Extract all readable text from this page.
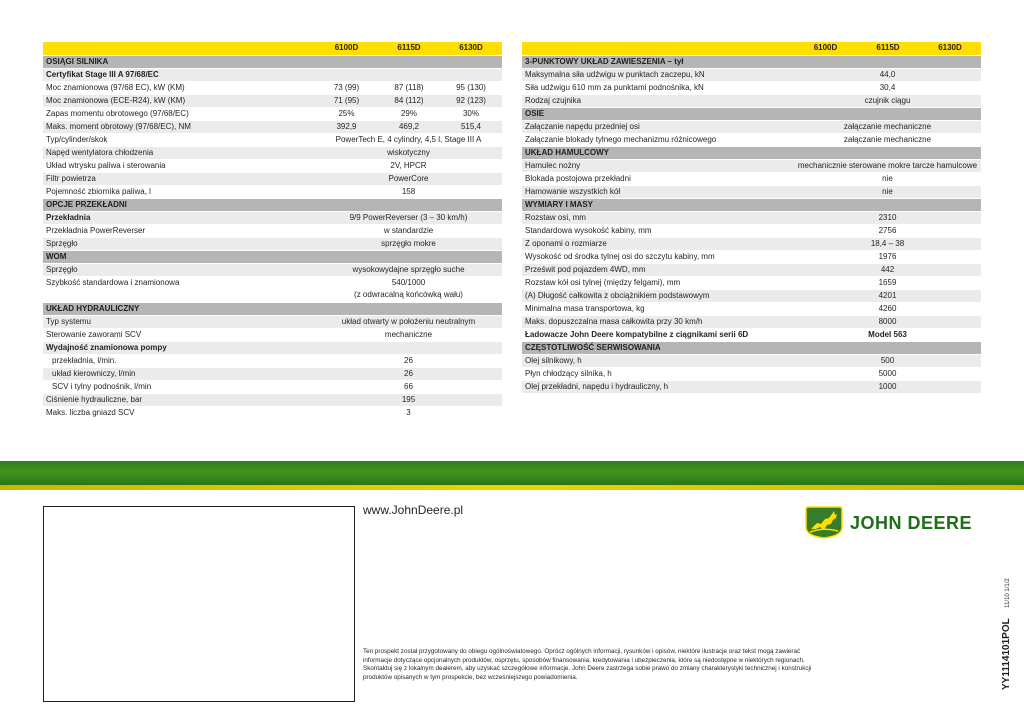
	6100D	6115D	6130D
OSIĄGI SILNIKA			
Certyfikat Stage III A 97/68/EC			
Moc znamionowa (97/68 EC), kW (KM)	73 (99)	87 (118)	95 (130)
Moc znamionowa (ECE-R24), kW (KM)	71 (95)	84 (112)	92 (123)
Zapas momentu obrotowego (97/68/EC)	25%	29%	30%
Maks. moment obrotowy (97/68/EC), NM	392,9	469,2	515,4
Typ/cylinder/skok	PowerTech E, 4 cylindry, 4,5 l, Stage III A		

Napęd wentylatora chłodzenia	wiskotyczny		

Układ wtrysku paliwa i sterowania	2V, HPCR		

Filtr powietrza	PowerCore		

Pojemność zbiornika paliwa, l	158		

OPCJE PRZEKŁADNI			
Przekładnia	9/9 PowerReverser (3 – 30 km/h)		

Przekładnia PowerReverser	w standardzie		

Sprzęgło	sprzęgło mokre		

WOM			
Sprzęgło	wysokowydajne sprzęgło suche		

Szybkość standardowa i znamionowa	540/1000
(z odwracalną końcówką wału)		

UKŁAD HYDRAULICZNY			
Typ systemu	układ otwarty w położeniu neutralnym		

Sterowanie zaworami SCV	mechaniczne		

Wydajność znamionowa pompy			
przekładnia, l/min.	26		

układ kierowniczy, l/min	26		

SCV i tylny podnośnik, l/min	66		

Ciśnienie hydrauliczne, bar	195		

Maks. liczba gniazd SCV	3		
	6100D	6115D	6130D
3-PUNKTOWY UKŁAD ZAWIESZENIA – tył			
Maksymalna siła udźwigu w punktach zaczepu, kN	44,0		

Siła udźwigu 610 mm za punktami podnośnika, kN	30,4		

Rodzaj czujnika	czujnik ciągu		

OSIE			
Załączanie napędu przedniej osi	załączanie mechaniczne		

Załączanie blokady tylnego mechanizmu różnicowego	załączanie mechaniczne		

UKŁAD HAMULCOWY			
Hamulec nożny	mechanicznie sterowane mokre tarcze hamulcowe		

Blokada postojowa przekładni	nie		

Hamowanie wszystkich kół	nie		

WYMIARY I MASY			
Rozstaw osi, mm	2310		

Standardowa wysokość kabiny, mm	2756		

Z oponami o rozmiarze	18,4 – 38		

Wysokość od środka tylnej osi do szczytu kabiny, mm	1976		

Prześwit pod pojazdem 4WD, mm	442		

Rozstaw kół osi tylnej (między felgami), mm	1659		

(A) Długość całkowita z obciążnikiem podstawowym	4201		

Minimalna masa transportowa, kg	4260		

Maks. dopuszczalna masa całkowita przy 30 km/h	8000		

Ładowacze John Deere kompatybilne z ciągnikami serii 6D	Model 563		

CZĘSTOTLIWOŚĆ SERWISOWANIA			
Olej silnikowy, h	500		

Płyn chłodzący silnika, h	5000		

Olej przekładni, napędu i hydrauliczny, h	1000		
www.JohnDeere.pl
JOHN DEERE
Ten prospekt został przygotowany do obiegu ogólnoświatowego. Oprócz ogólnych informacji, rysunków i opisów, niektóre ilustracje oraz tekst mogą zawierać informacje dotyczące opcjonalnych produktów, osprzętu, sposobów finansowania, kredytowania i ubezpieczenia, które są niedostępne w niektórych regionach. Skontaktuj się z lokalnym dealerem, aby uzyskać szczegółowe informacje. John Deere zastrzega sobie prawo do zmiany charakterystyki technicznej i konstrukcji produktów opisanych w tym prospekcie, bez wcześniejszego powiadomienia.	YY1114101POL 11/10 1/1/2
